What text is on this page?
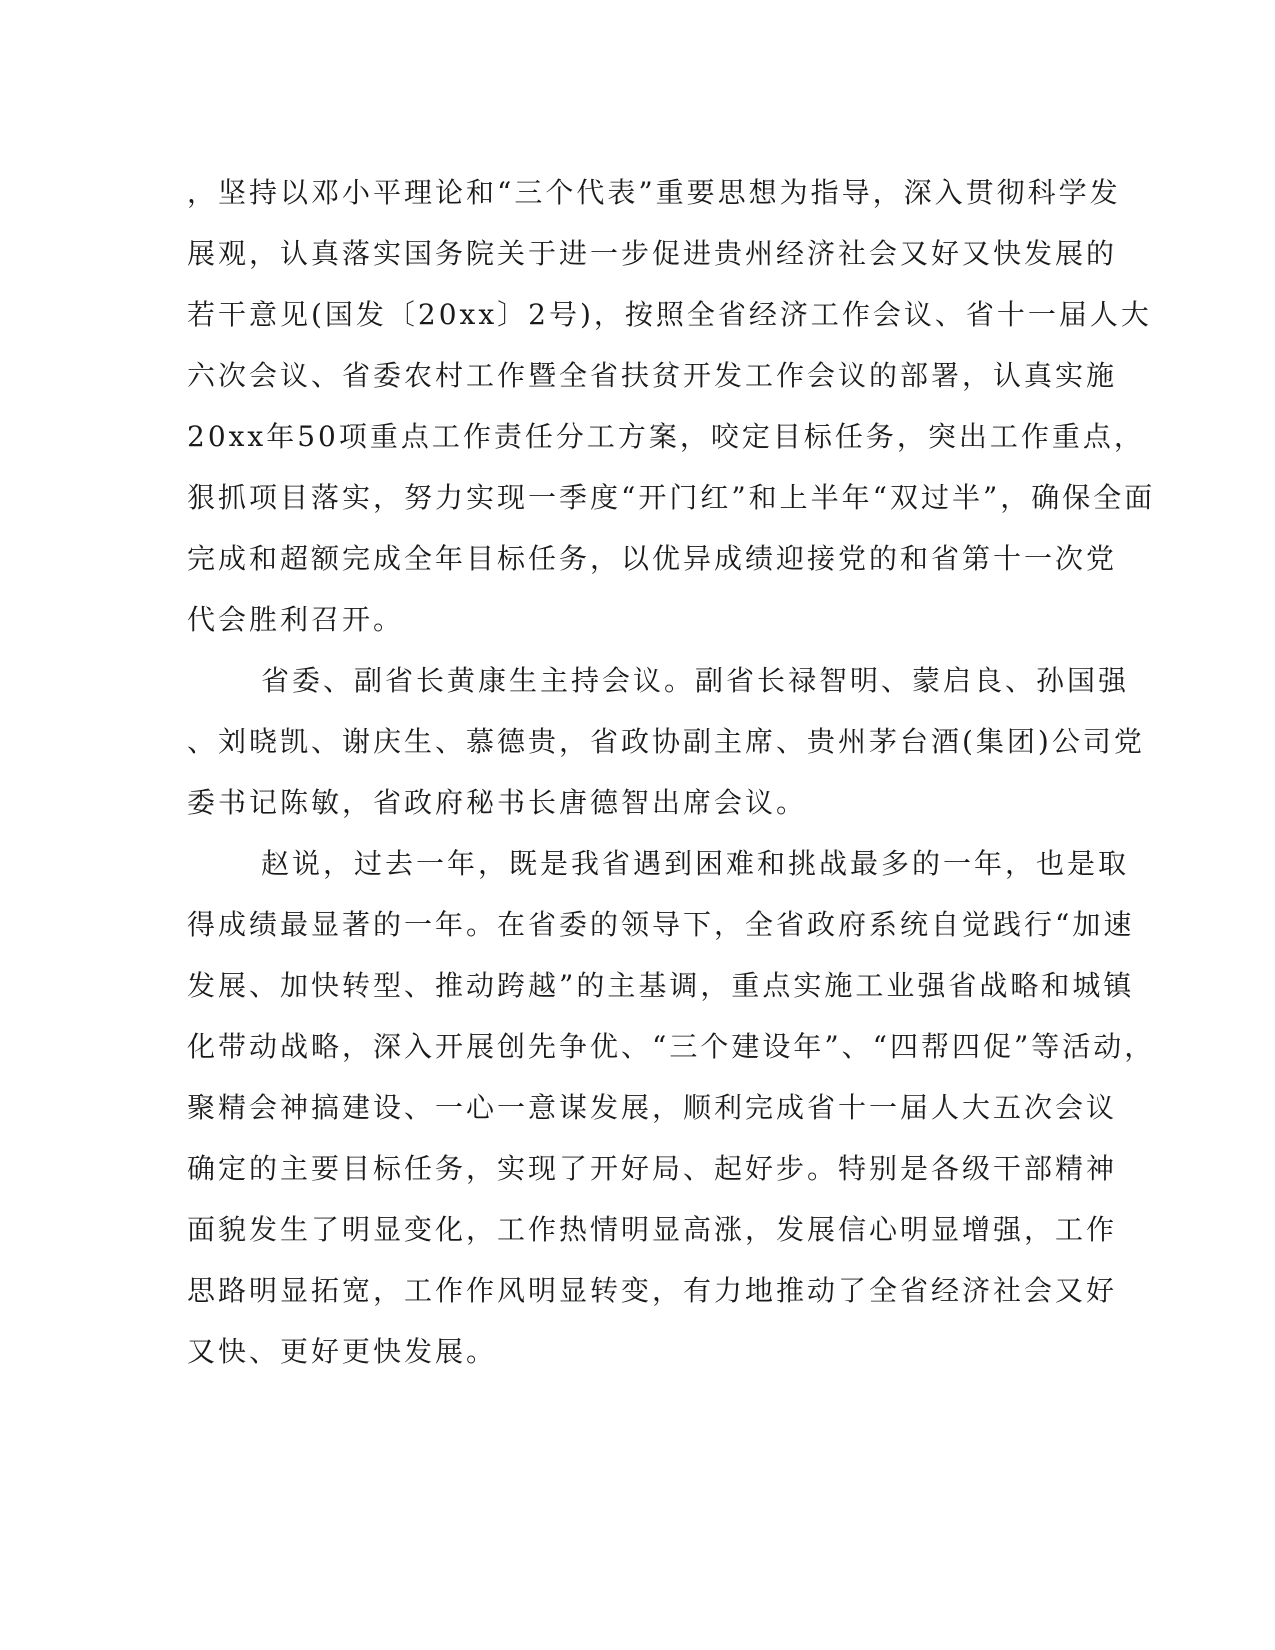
，坚持以邓小平理论和“三个代表”重要思想为指导，深入贯彻科学发
展观，认真落实国务院关于进一步促进贵州经济社会又好又快发展的
若干意见(国发〔20xx〕2号)，按照全省经济工作会议、省十一届人大
六次会议、省委农村工作暨全省扶贫开发工作会议的部署，认真实施
20xx年50项重点工作责任分工方案，咬定目标任务，突出工作重点，
狠抓项目落实，努力实现一季度“开门红”和上半年“双过半”，确保全面
完成和超额完成全年目标任务，以优异成绩迎接党的和省第十一次党
代会胜利召开。
省委、副省长黄康生主持会议。副省长禄智明、蒙启良、孙国强
、刘晓凯、谢庆生、慕德贵，省政协副主席、贵州茅台酒(集团)公司党
委书记陈敏，省政府秘书长唐德智出席会议。
赵说，过去一年，既是我省遇到困难和挑战最多的一年，也是取
得成绩最显著的一年。在省委的领导下，全省政府系统自觉践行“加速
发展、加快转型、推动跨越”的主基调，重点实施工业强省战略和城镇
化带动战略，深入开展创先争优、“三个建设年”、“四帮四促”等活动，
聚精会神搞建设、一心一意谋发展，顺利完成省十一届人大五次会议
确定的主要目标任务，实现了开好局、起好步。特别是各级干部精神
面貌发生了明显变化，工作热情明显高涨，发展信心明显增强，工作
思路明显拓宽，工作作风明显转变，有力地推动了全省经济社会又好
又快、更好更快发展。
